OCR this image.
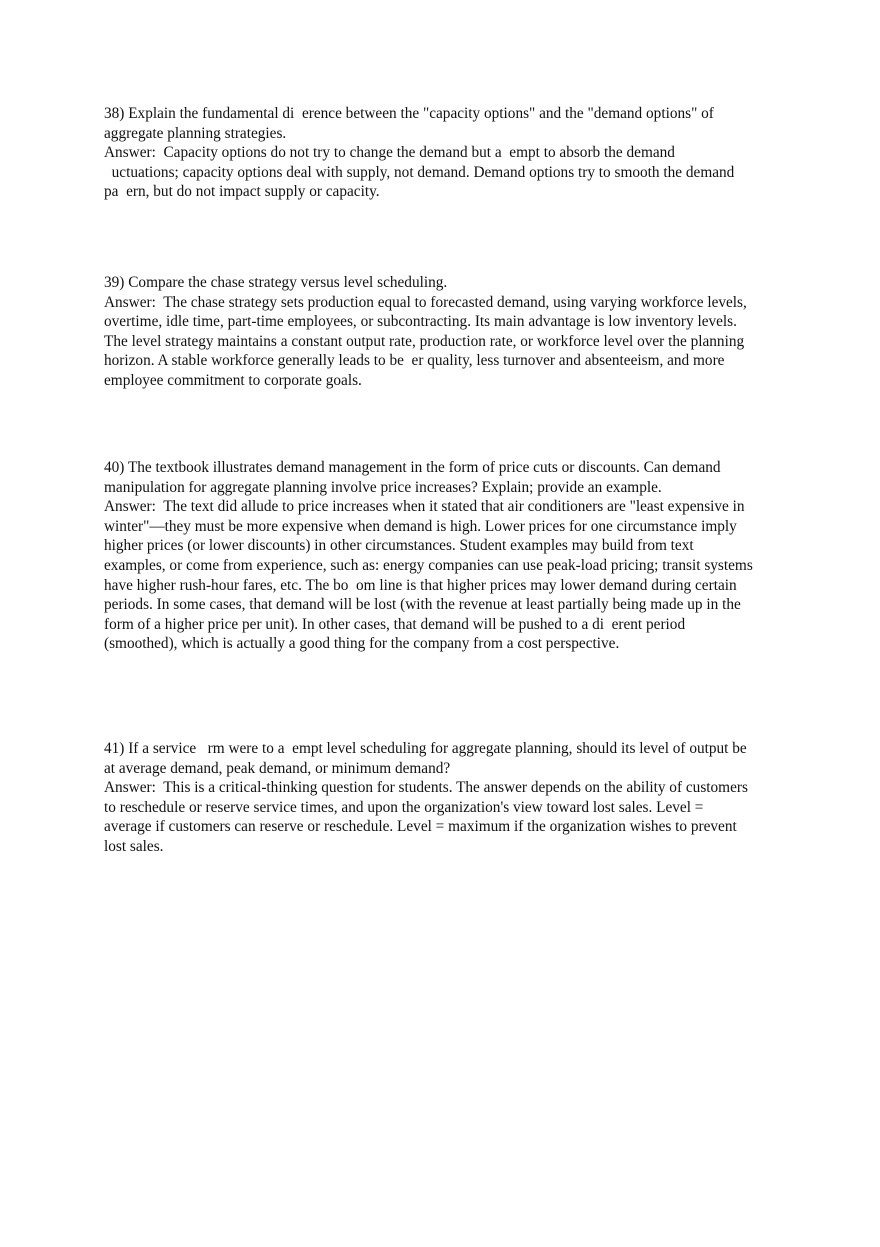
38) Explain the fundamental di  erence between the "capacity options" and the "demand options" of
aggregate planning strategies.
Answer:  Capacity options do not try to change the demand but a  empt to absorb the demand
uctuations; capacity options deal with supply, not demand. Demand options try to smooth the demand
pa  ern, but do not impact supply or capacity.
39) Compare the chase strategy versus level scheduling.
Answer:  The chase strategy sets production equal to forecasted demand, using varying workforce levels,
overtime, idle time, part-time employees, or subcontracting. Its main advantage is low inventory levels.
The level strategy maintains a constant output rate, production rate, or workforce level over the planning
horizon. A stable workforce generally leads to be  er quality, less turnover and absenteeism, and more
employee commitment to corporate goals.
40) The textbook illustrates demand management in the form of price cuts or discounts. Can demand
manipulation for aggregate planning involve price increases? Explain; provide an example.
Answer:  The text did allude to price increases when it stated that air conditioners are "least expensive in
winter"—they must be more expensive when demand is high. Lower prices for one circumstance imply
higher prices (or lower discounts) in other circumstances. Student examples may build from text
examples, or come from experience, such as: energy companies can use peak-load pricing; transit systems
have higher rush-hour fares, etc. The bo  om line is that higher prices may lower demand during certain
periods. In some cases, that demand will be lost (with the revenue at least partially being made up in the
form of a higher price per unit). In other cases, that demand will be pushed to a di  erent period
(smoothed), which is actually a good thing for the company from a cost perspective.
41) If a service   rm were to a  empt level scheduling for aggregate planning, should its level of output be
at average demand, peak demand, or minimum demand?
Answer:  This is a critical-thinking question for students. The answer depends on the ability of customers
to reschedule or reserve service times, and upon the organization's view toward lost sales. Level =
average if customers can reserve or reschedule. Level = maximum if the organization wishes to prevent
lost sales.
